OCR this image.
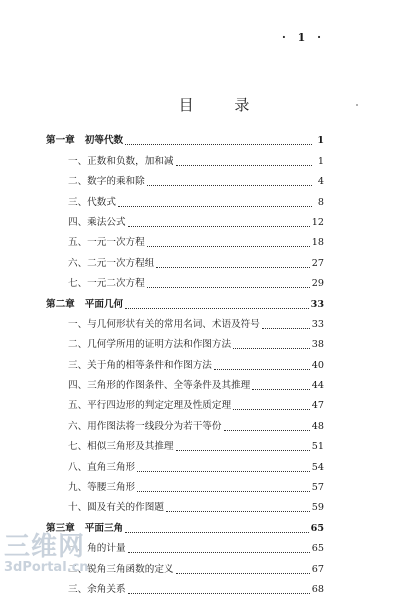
· 1 ·
目 录
第一章 初等代数	1
一、正数和负数，加和减	1
二、数字的乘和除	4
三、代数式	8
四、乘法公式	12
五、一元一次方程	18
六、二元一次方程组	27
七、一元二次方程	29
第二章 平面几何	33
一、与几何形状有关的常用名词、术语及符号	33
二、几何学所用的证明方法和作图方法	38
三、关于角的相等条件和作图方法	40
四、三角形的作图条件、全等条件及其推理	44
五、平行四边形的判定定理及性质定理	47
六、用作图法将一线段分为若干等份	48
七、相似三角形及其推理	51
八、直角三角形	54
九、等腰三角形	57
十、圆及有关的作图题	59
第三章 平面三角	65
一、角的计量	65
二、锐角三角函数的定义	67
三、余角关系	68
三维网
3dPortal.cn
